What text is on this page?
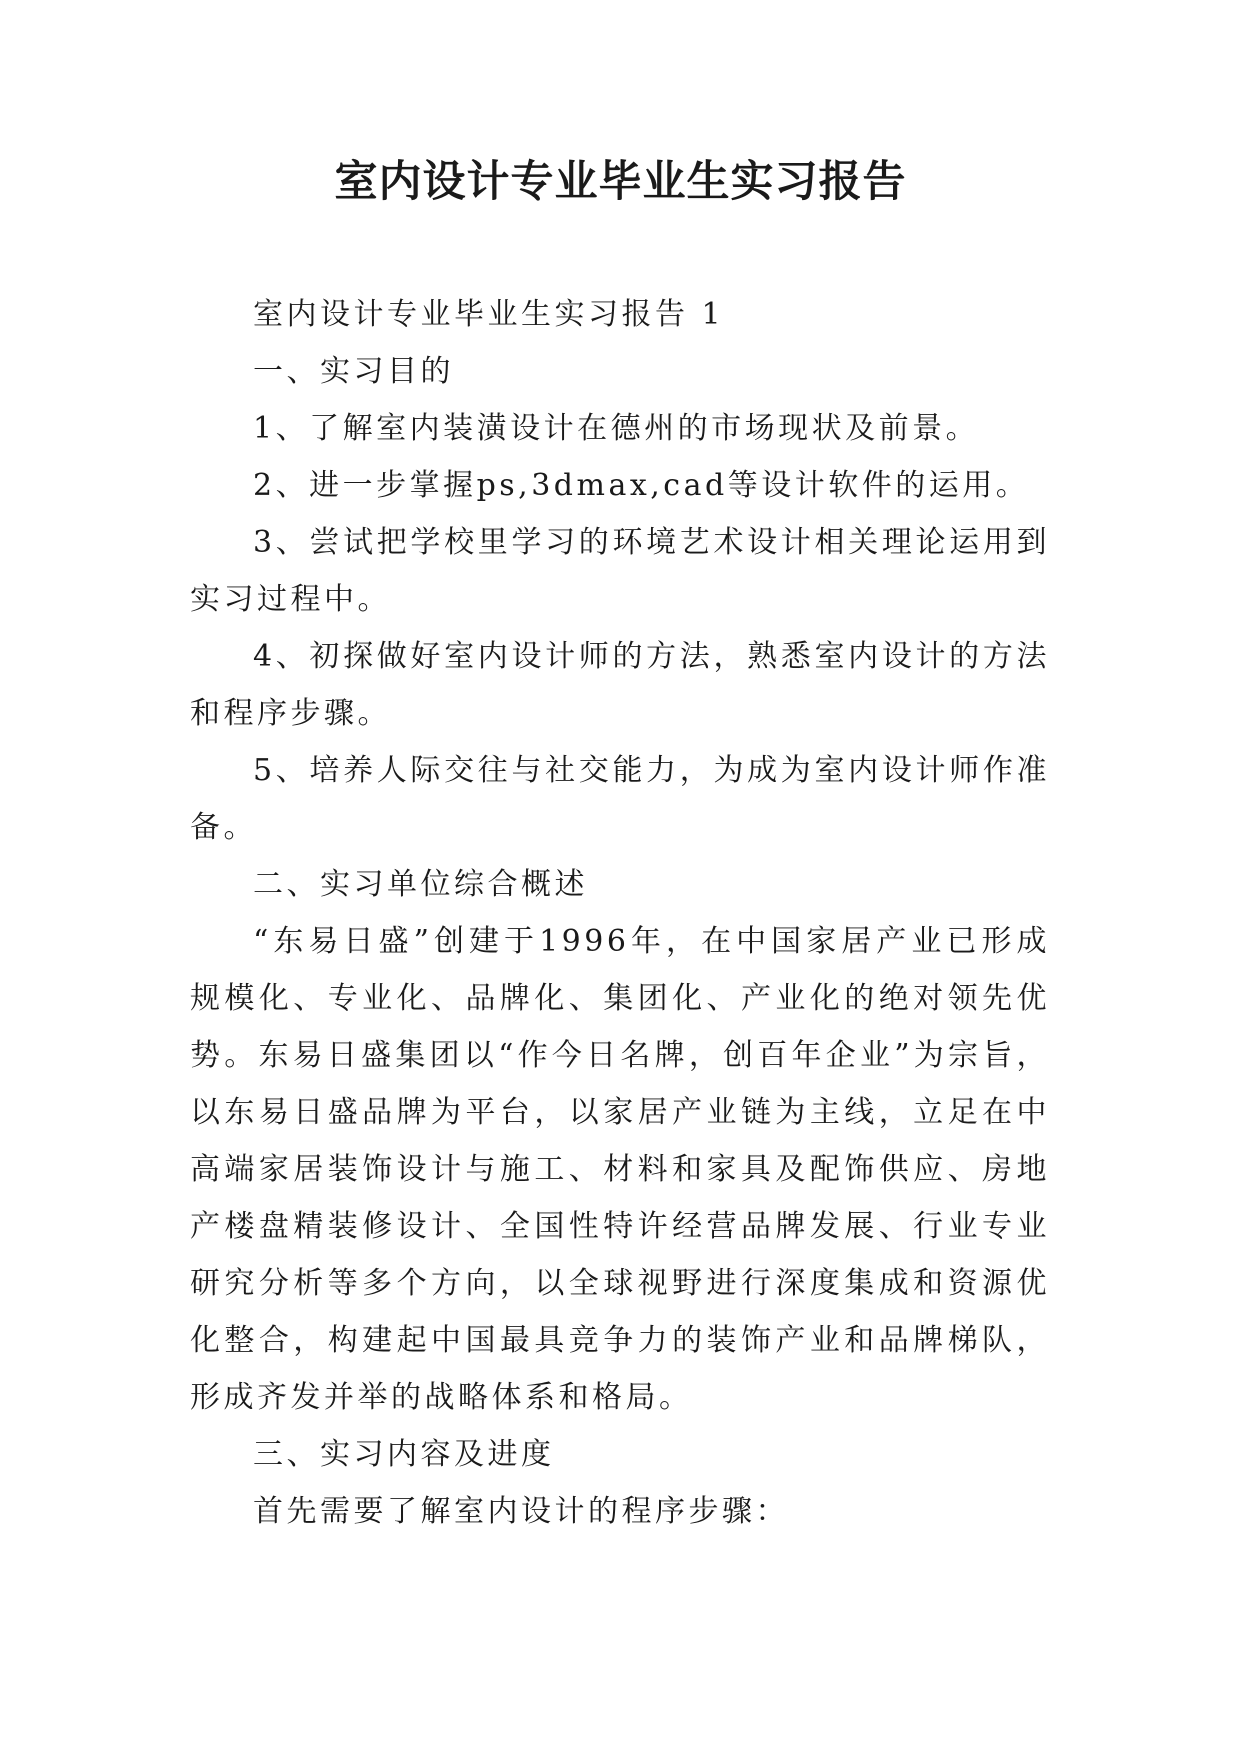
室内设计专业毕业生实习报告

室内设计专业毕业生实习报告 1

一、实习目的

1、了解室内装潢设计在德州的市场现状及前景。

2、进一步掌握ps,3dmax,cad等设计软件的运用。

3、尝试把学校里学习的环境艺术设计相关理论运用到实习过程中。

4、初探做好室内设计师的方法，熟悉室内设计的方法和程序步骤。

5、培养人际交往与社交能力，为成为室内设计师作准备。

二、实习单位综合概述

“东易日盛”创建于1996年，在中国家居产业已形成规模化、专业化、品牌化、集团化、产业化的绝对领先优势。东易日盛集团以“作今日名牌，创百年企业”为宗旨，以东易日盛品牌为平台，以家居产业链为主线，立足在中高端家居装饰设计与施工、材料和家具及配饰供应、房地产楼盘精装修设计、全国性特许经营品牌发展、行业专业研究分析等多个方向，以全球视野进行深度集成和资源优化整合，构建起中国最具竞争力的装饰产业和品牌梯队，形成齐发并举的战略体系和格局。

三、实习内容及进度

首先需要了解室内设计的程序步骤：
